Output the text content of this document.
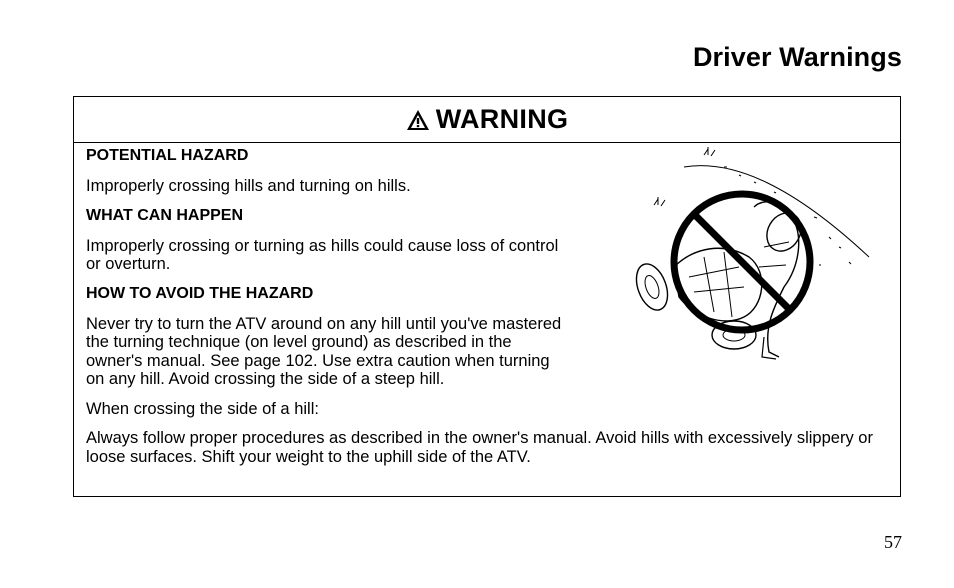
Driver Warnings
WARNING
POTENTIAL HAZARD
Improperly crossing hills and turning on hills.
WHAT CAN HAPPEN
Improperly crossing or turning as hills could cause loss of control or overturn.
HOW TO AVOID THE HAZARD
Never try to turn the ATV around on any hill until you've mastered the turning technique (on level ground) as described in the owner's manual. See page 102. Use extra caution when turning on any hill. Avoid crossing the side of a steep hill.
When crossing the side of a hill:
Always follow proper procedures as described in the owner's manual. Avoid hills with excessively slippery or loose surfaces. Shift your weight to the uphill side of the ATV.
57
